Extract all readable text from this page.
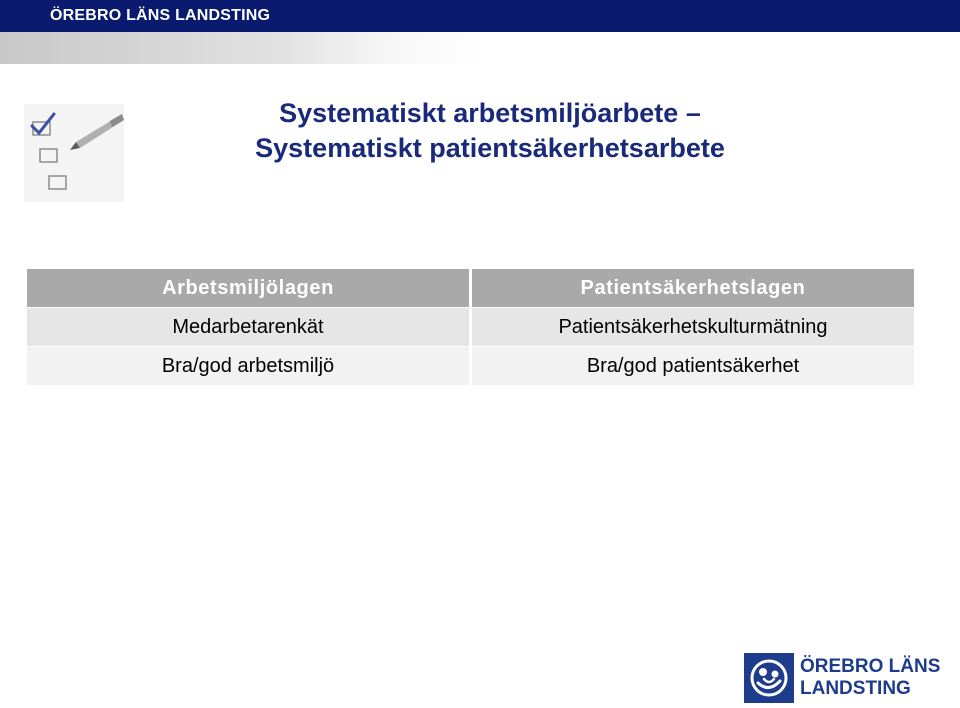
ÖREBRO LÄNS LANDSTING
Systematiskt arbetsmiljöarbete –
Systematiskt patientsäkerhetsarbete
Arbetsmiljölagen	Patientsäkerhetslagen
Medarbetarenkät	Patientsäkerhetskulturmätning
Bra/god arbetsmiljö	Bra/god patientsäkerhet
ÖREBRO LÄNS
LANDSTING
